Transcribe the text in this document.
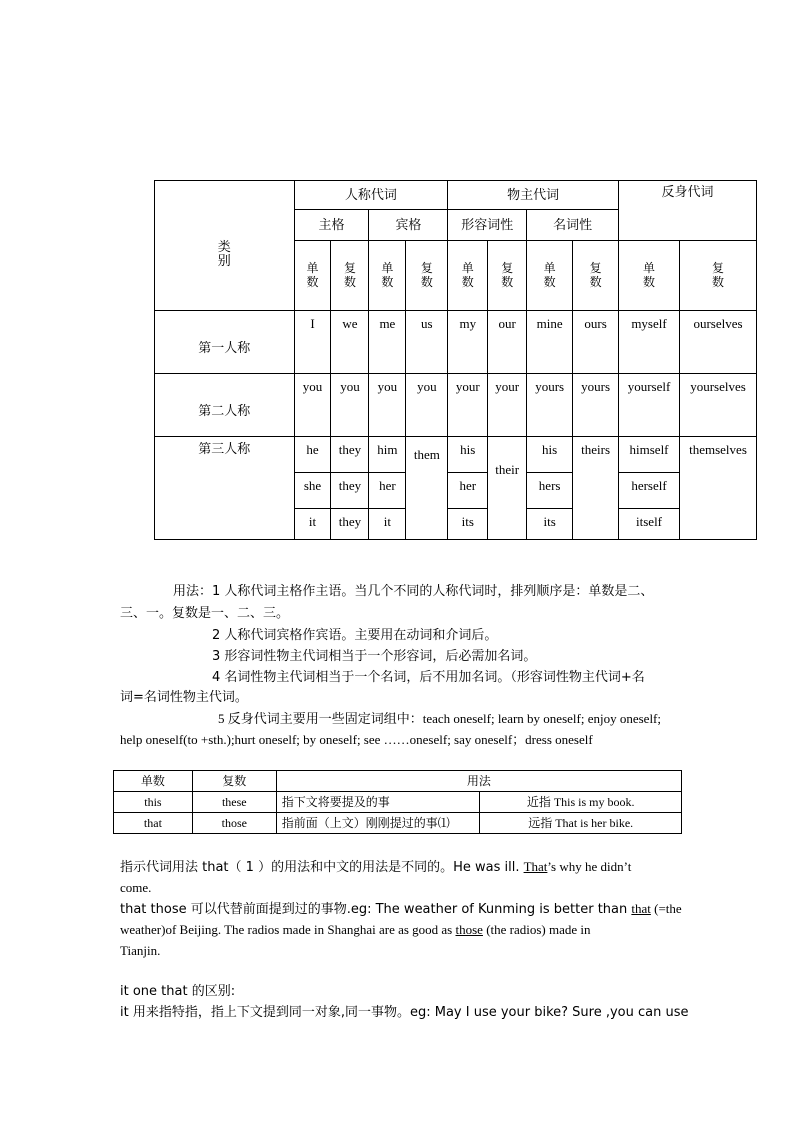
类别	人称代词				物主代词				反身代词	
	主格		宾格		形容词性		名词性			
	单数	复数	单数	复数	单数	复数	单数	复数	单数	复数
第一人称	I	we	me	us	my	our	mine	ours	myself	ourselves
第二人称	you	you	you	you	your	your	yours	yours	yourself	yourselves
第三人称	he	they	him	them	his	their	his	theirs	himself	themselves
	she	they	her		her		hers		herself	
	it	they	it		its		its		itself	
用法：1 人称代词主格作主语。当几个不同的人称代词时，排列顺序是：单数是二、
三、一。复数是一、二、三。
2 人称代词宾格作宾语。主要用在动词和介词后。
3 形容词性物主代词相当于一个形容词，后必需加名词。
4 名词性物主代词相当于一个名词，后不用加名词。（形容词性物主代词+名
词=名词性物主代词。
5 反身代词主要用一些固定词组中：teach oneself; learn by oneself; enjoy oneself;
help oneself(to +sth.);hurt oneself; by oneself; see ……oneself; say oneself；dress oneself
单数	复数	用法	
this	these	指下文将要提及的事	近指 This is my book.
that	those	指前面（上文）刚刚提过的事⑴	远指 That is her bike.
指示代词用法 that（ 1 ）的用法和中文的用法是不同的。He was ill. That’s why he didn’t
come.
that those 可以代替前面提到过的事物.eg: The weather of Kunming is better than that (=the
weather)of Beijing. The radios made in Shanghai are as good as those (the radios) made in
Tianjin.
it one that 的区别:
it 用来指特指，指上下文提到同一对象,同一事物。eg: May I use your bike? Sure ,you can use
